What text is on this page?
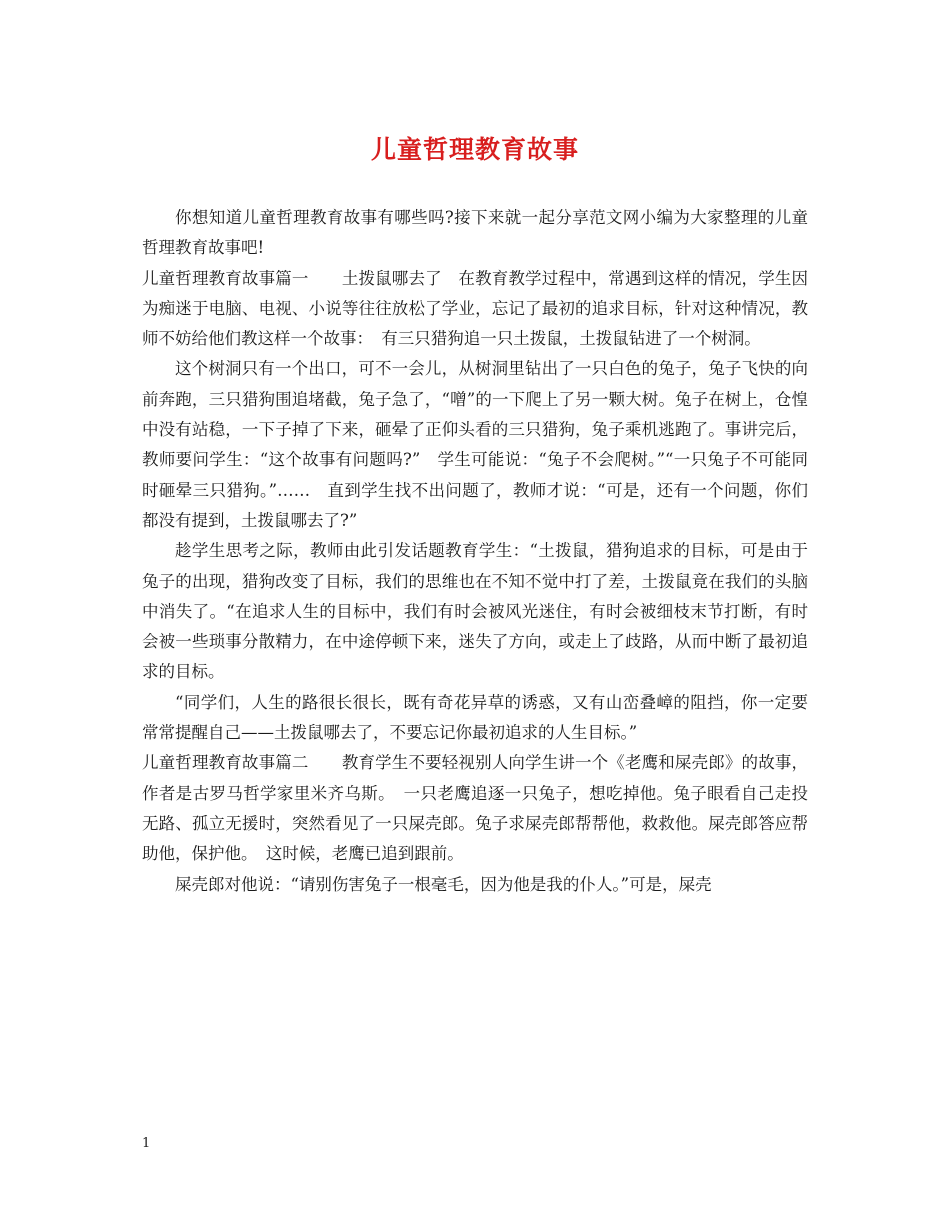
儿童哲理教育故事

你想知道儿童哲理教育故事有哪些吗?接下来就一起分享范文网小编为大家整理的儿童哲理教育故事吧!

儿童哲理教育故事篇一　　土拨鼠哪去了　在教育教学过程中，常遇到这样的情况，学生因为痴迷于电脑、电视、小说等往往放松了学业，忘记了最初的追求目标，针对这种情况，教师不妨给他们教这样一个故事：　有三只猎狗追一只土拨鼠，土拨鼠钻进了一个树洞。

这个树洞只有一个出口，可不一会儿，从树洞里钻出了一只白色的兔子，兔子飞快的向前奔跑，三只猎狗围追堵截，兔子急了，“噌”的一下爬上了另一颗大树。兔子在树上，仓惶中没有站稳，一下子掉了下来，砸晕了正仰头看的三只猎狗，兔子乘机逃跑了。事讲完后，教师要问学生：“这个故事有问题吗?”　学生可能说：“兔子不会爬树。”“一只兔子不可能同时砸晕三只猎狗。”……　直到学生找不出问题了，教师才说：“可是，还有一个问题，你们都没有提到，土拨鼠哪去了?”

趁学生思考之际，教师由此引发话题教育学生：“土拨鼠，猎狗追求的目标，可是由于兔子的出现，猎狗改变了目标，我们的思维也在不知不觉中打了差，土拨鼠竟在我们的头脑中消失了。“在追求人生的目标中，我们有时会被风光迷住，有时会被细枝末节打断，有时会被一些琐事分散精力，在中途停顿下来，迷失了方向，或走上了歧路，从而中断了最初追求的目标。

“同学们，人生的路很长很长，既有奇花异草的诱惑，又有山峦叠嶂的阻挡，你一定要常常提醒自己——土拨鼠哪去了，不要忘记你最初追求的人生目标。”

儿童哲理教育故事篇二　　教育学生不要轻视别人向学生讲一个《老鹰和屎壳郎》的故事，作者是古罗马哲学家里米齐乌斯。　一只老鹰追逐一只兔子，想吃掉他。兔子眼看自己走投无路、孤立无援时，突然看见了一只屎壳郎。兔子求屎壳郎帮帮他，救救他。屎壳郎答应帮助他，保护他。　这时候，老鹰已追到跟前。

屎壳郎对他说：“请别伤害兔子一根毫毛，因为他是我的仆人。”可是，屎壳

1
